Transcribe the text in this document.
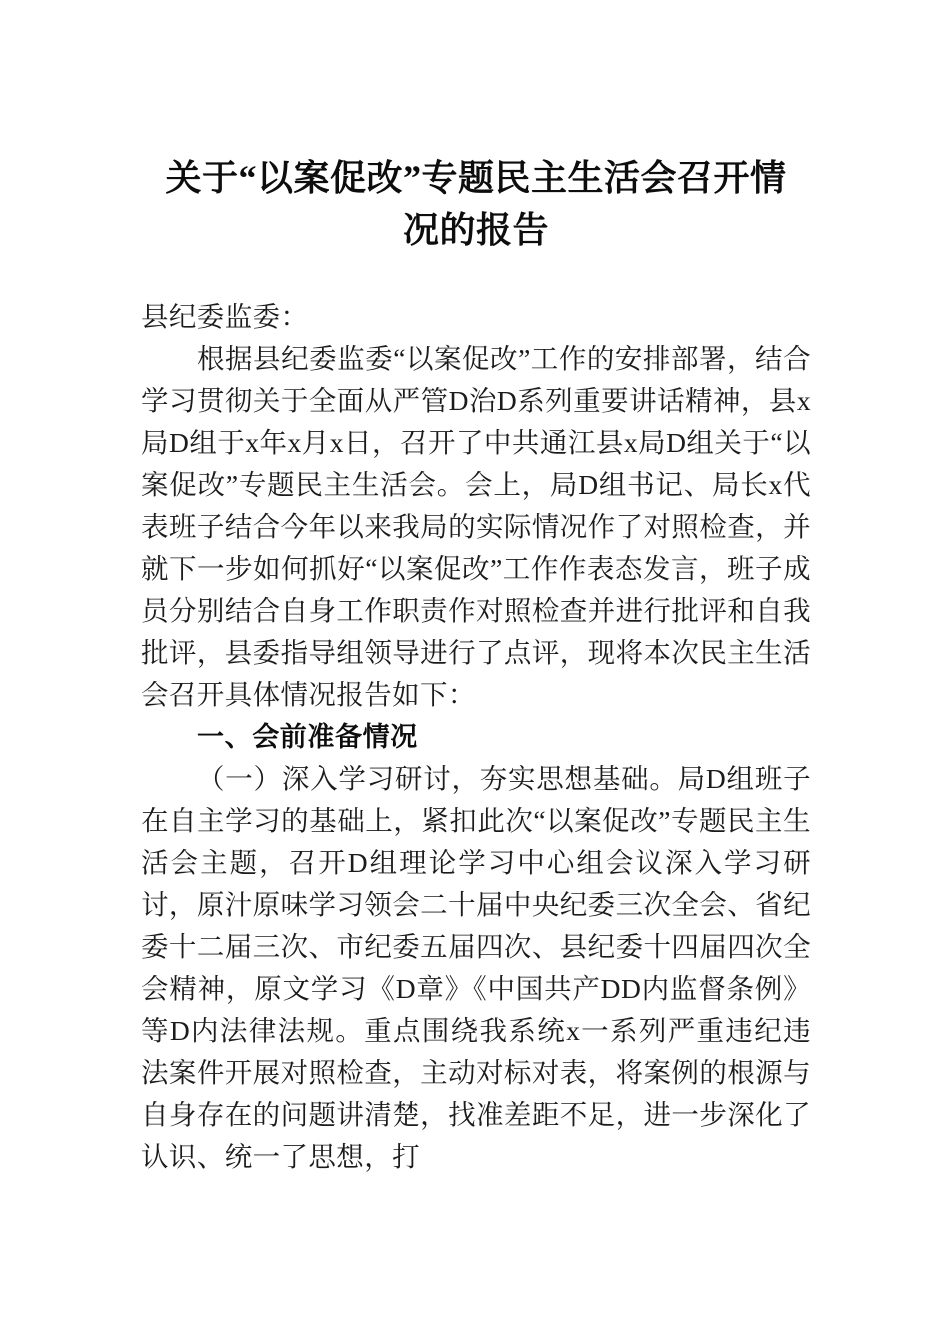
关于“以案促改”专题民主生活会召开情
况的报告

县纪委监委：

根据县纪委监委“以案促改”工作的安排部署，结合学习贯彻关于全面从严管D治D系列重要讲话精神，县x局D组于x年x月x日，召开了中共通江县x局D组关于“以案促改”专题民主生活会。会上，局D组书记、局长x代表班子结合今年以来我局的实际情况作了对照检查，并就下一步如何抓好“以案促改”工作作表态发言，班子成员分别结合自身工作职责作对照检查并进行批评和自我批评，县委指导组领导进行了点评，现将本次民主生活会召开具体情况报告如下：

一、会前准备情况

（一）深入学习研讨，夯实思想基础。局D组班子在自主学习的基础上，紧扣此次“以案促改”专题民主生活会主题，召开D组理论学习中心组会议深入学习研讨，原汁原味学习领会二十届中央纪委三次全会、省纪委十二届三次、市纪委五届四次、县纪委十四届四次全会精神，原文学习《D章》《中国共产DD内监督条例》等D内法律法规。重点围绕我系统x一系列严重违纪违法案件开展对照检查，主动对标对表，将案例的根源与自身存在的问题讲清楚，找准差距不足，进一步深化了认识、统一了思想，打
